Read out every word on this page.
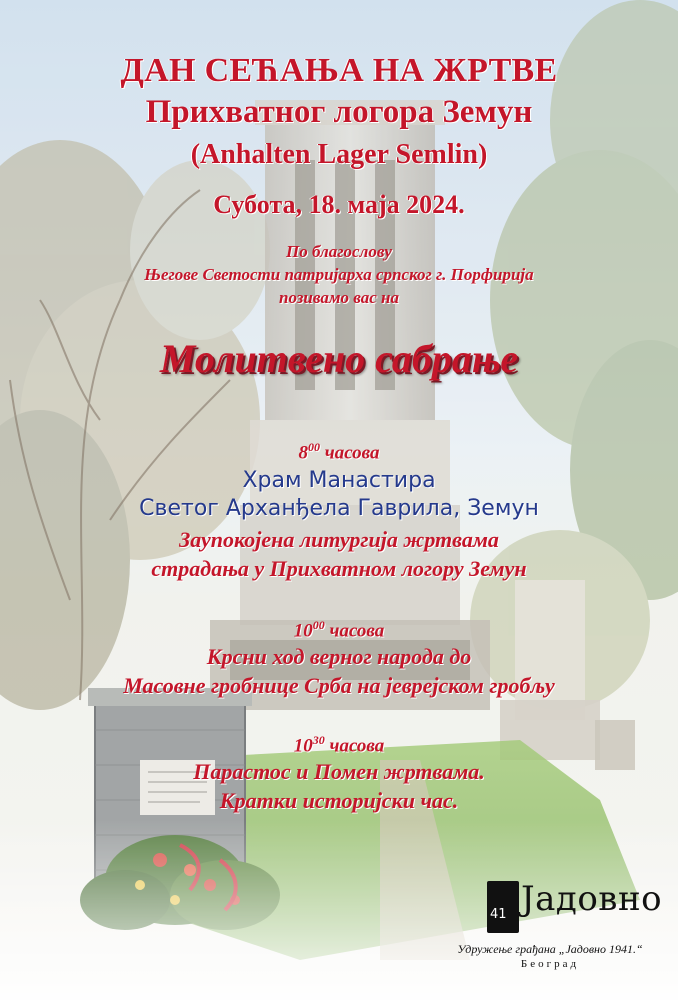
ДАН СЕЋАЊА НА ЖРТВЕ
Прихватног логора Земун
(Anhalten Lager Semlin)
Субота, 18. маја 2024.
По благослову
Његове Светости патријарха српског г. Порфирија
позивамо вас на
Молитвено сабрање
$8^{00}$ часова
Храм Манастира
Светог Арханђела Гаврила, Земун
Заупокојена литургија жртвама
страдања у Прихватном логору Земун
$10^{00}$ часова
Крсни ход верног народа до
Масовне гробнице Срба на јеврејском гробљу
$10^{30}$ часова
Парастос и Помен жртвама.
Кратки историјски час.
41 Јадовно
Удружење грађана „Јадовно 1941.“
Београд
